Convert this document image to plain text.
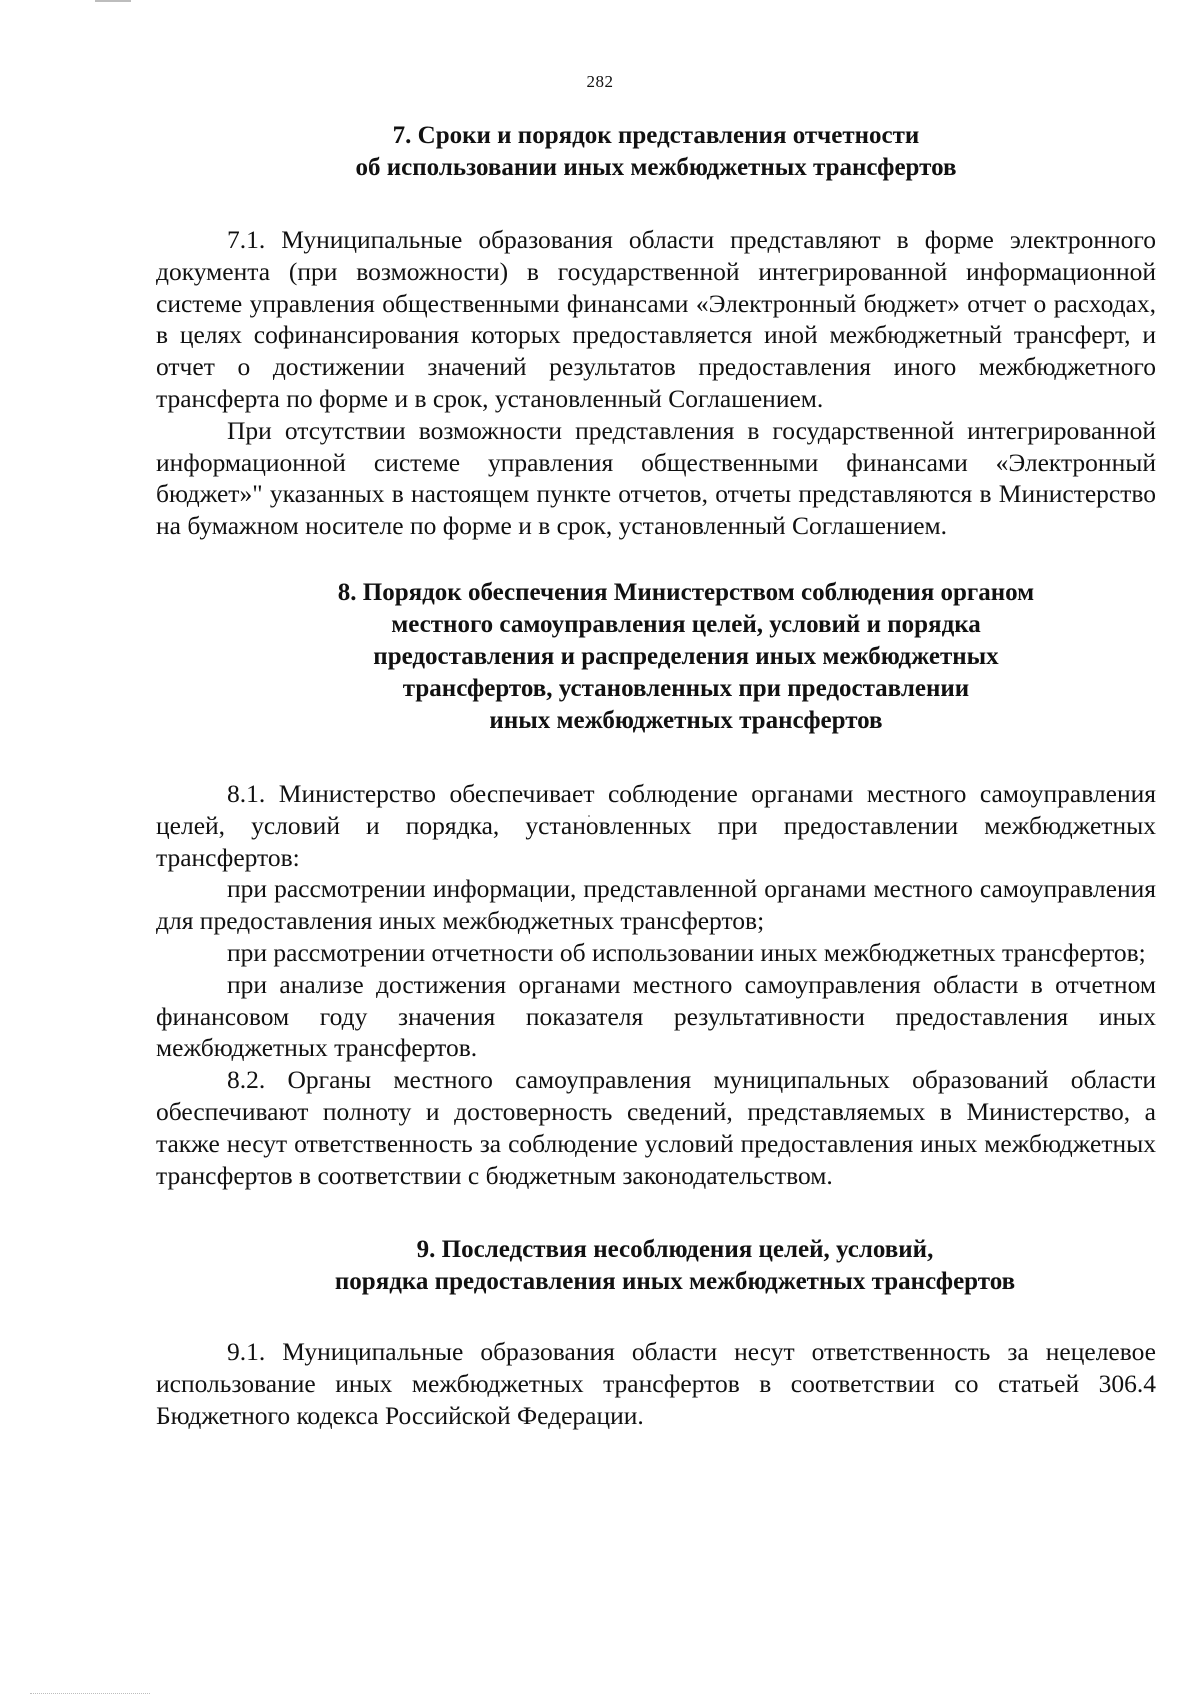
282
7. Сроки и порядок представления отчетности
об использовании иных межбюджетных трансфертов

7.1. Муниципальные образования области представляют в форме электронного документа (при возможности) в государственной интегрированной информационной системе управления общественными финансами «Электронный бюджет» отчет о расходах, в целях софинансирования которых предоставляется иной межбюджетный трансферт, и отчет о достижении значений результатов предоставления иного межбюджетного трансферта по форме и в срок, установленный Соглашением.

При отсутствии возможности представления в государственной интегрированной информационной системе управления общественными финансами «Электронный бюджет»" указанных в настоящем пункте отчетов, отчеты представляются в Министерство на бумажном носителе по форме и в срок, установленный Соглашением.

8. Порядок обеспечения Министерством соблюдения органом
местного самоуправления целей, условий и порядка
предоставления и распределения иных межбюджетных
трансфертов, установленных при предоставлении
иных межбюджетных трансфертов

8.1. Министерство обеспечивает соблюдение органами местного самоуправления целей, условий и порядка, установленных при предоставлении межбюджетных трансфертов:

при рассмотрении информации, представленной органами местного самоуправления для предоставления иных межбюджетных трансфертов;

при рассмотрении отчетности об использовании иных межбюджетных трансфертов;

при анализе достижения органами местного самоуправления области в отчетном финансовом году значения показателя результативности предоставления иных межбюджетных трансфертов.

8.2. Органы местного самоуправления муниципальных образований области обеспечивают полноту и достоверность сведений, представляемых в Министерство, а также несут ответственность за соблюдение условий предоставления иных межбюджетных трансфертов в соответствии с бюджетным законодательством.

9. Последствия несоблюдения целей, условий,
порядка предоставления иных межбюджетных трансфертов

9.1. Муниципальные образования области несут ответственность за нецелевое использование иных межбюджетных трансфертов в соответствии со статьей 306.4 Бюджетного кодекса Российской Федерации.
